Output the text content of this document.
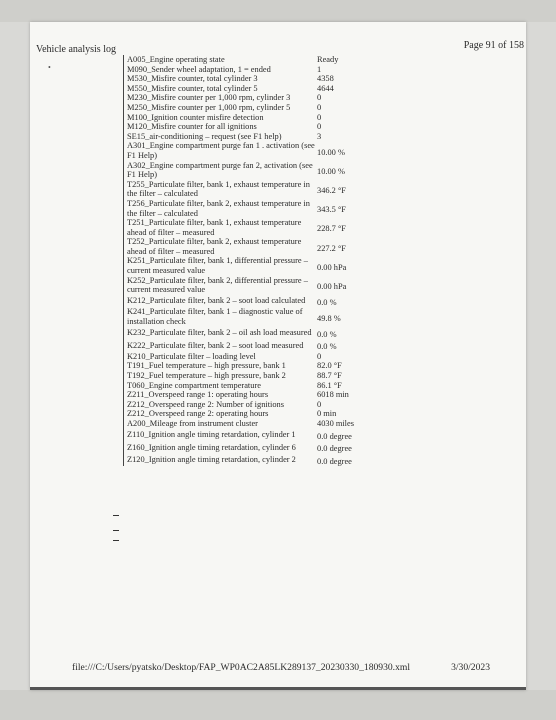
Vehicle analysis log	Page 91 of 158
•
A005_Engine operating state	Ready
M090_Sender wheel adaptation, 1 = ended	1
M530_Misfire counter, total cylinder 3	4358
M550_Misfire counter, total cylinder 5	4644
M230_Misfire counter per 1,000 rpm, cylinder 3	0
M250_Misfire counter per 1,000 rpm, cylinder 5	0
M100_Ignition counter misfire detection	0
M120_Misfire counter for all ignitions	0
SE15_air-conditioning – request (see F1 help)	3
A301_Engine compartment purge fan 1 . activation (see F1 Help)	10.00 %
A302_Engine compartment purge fan 2, activation (see F1 Help)	10.00 %
T255_Particulate filter, bank 1, exhaust temperature in the filter – calculated	346.2 °F
T256_Particulate filter, bank 2, exhaust temperature in the filter – calculated	343.5 °F
T251_Particulate filter, bank 1, exhaust temperature ahead of filter – measured	228.7 °F
T252_Particulate filter, bank 2, exhaust temperature ahead of filter – measured	227.2 °F
K251_Particulate filter, bank 1, differential pressure – current measured value	0.00 hPa
K252_Particulate filter, bank 2, differential pressure – current measured value	0.00 hPa
K212_Particulate filter, bank 2 – soot load calculated	0.0 %
K241_Particulate filter, bank 1 – diagnostic value of installation check	49.8 %
K232_Particulate filter, bank 2 – oil ash load measured 0.0 %
K222_Particulate filter, bank 2 – soot load measured	0.0 %
K210_Particulate filter – loading level	0
T191_Fuel temperature – high pressure, bank 1	82.0 °F
T192_Fuel temperature – high pressure, bank 2	88.7 °F
T060_Engine compartment temperature	86.1 °F
Z211_Overspeed range 1: operating hours	6018 min
Z212_Overspeed range 2: Number of ignitions	0
Z212_Overspeed range 2: operating hours	0 min
A200_Mileage from instrument cluster	4030 miles
Z110_Ignition angle timing retardation, cylinder 1	0.0 degree
Z160_Ignition angle timing retardation, cylinder 6	0.0 degree
Z120_Ignition angle timing retardation, cylinder 2	0.0 degree
file:///C:/Users/pyatsko/Desktop/FAP_WP0AC2A85LK289137_20230330_180930.xml	3/30/2023
